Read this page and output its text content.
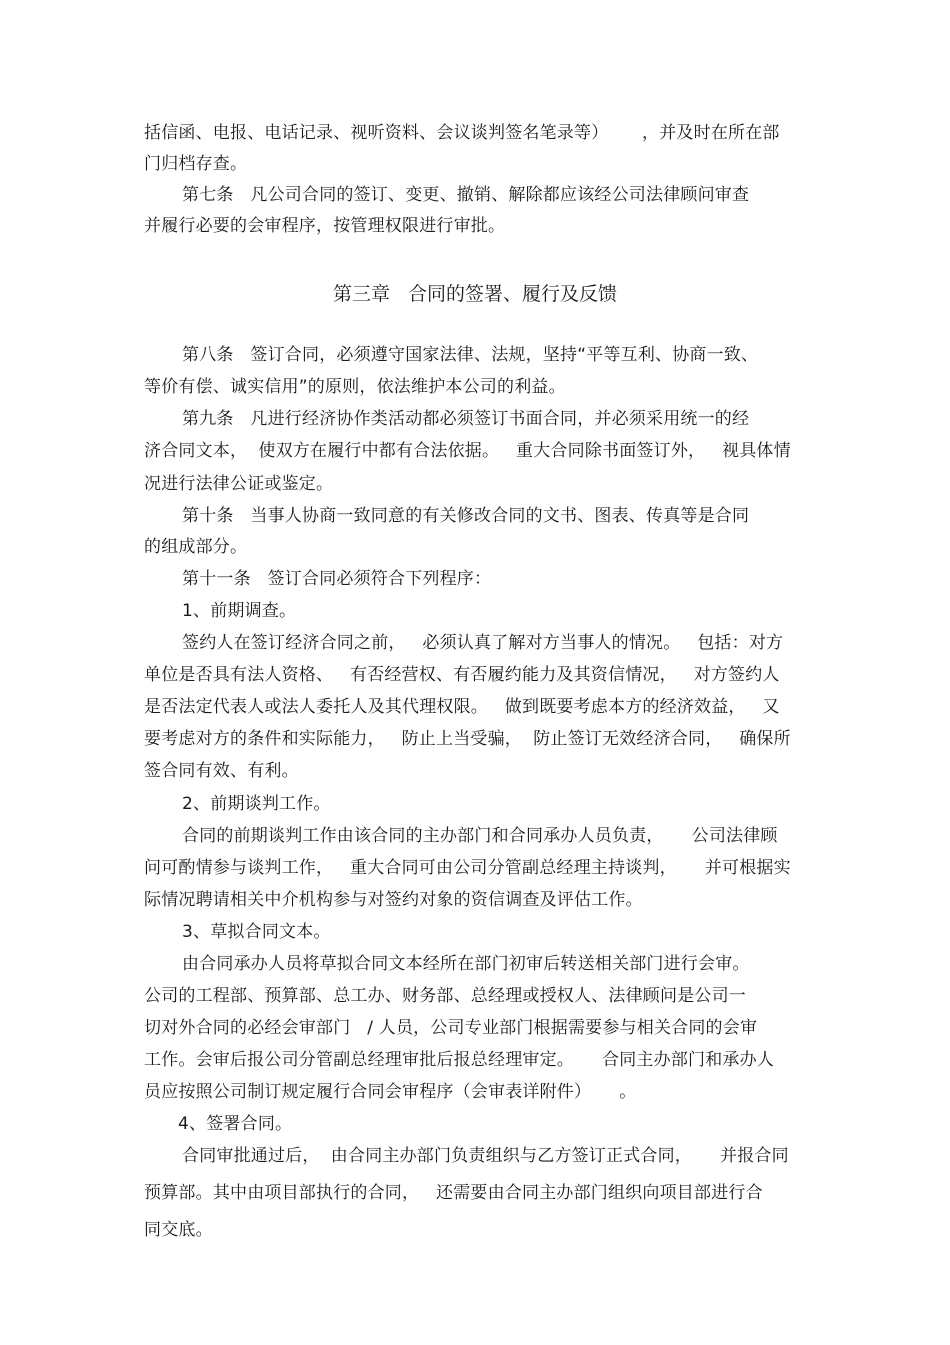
括信函、电报、电话记录、视听资料、会议谈判签名笔录等）      ，并及时在所在部
门归档存查。
第七条   凡公司合同的签订、变更、撤销、解除都应该经公司法律顾问审查
并履行必要的会审程序，按管理权限进行审批。
第三章   合同的签署、履行及反馈
第八条   签订合同，必须遵守国家法律、法规，坚持“平等互利、协商一致、
等价有偿、诚实信用”的原则，依法维护本公司的利益。
第九条   凡进行经济协作类活动都必须签订书面合同，并必须采用统一的经
济合同文本，  使双方在履行中都有合法依据。   重大合同除书面签订外，   视具体情
况进行法律公证或鉴定。
第十条   当事人协商一致同意的有关修改合同的文书、图表、传真等是合同
的组成部分。
第十一条   签订合同必须符合下列程序：
1、前期调查。
签约人在签订经济合同之前，   必须认真了解对方当事人的情况。   包括：对方
单位是否具有法人资格、   有否经营权、有否履约能力及其资信情况，   对方签约人
是否法定代表人或法人委托人及其代理权限。   做到既要考虑本方的经济效益，   又
要考虑对方的条件和实际能力，   防止上当受骗，  防止签订无效经济合同，   确保所
签合同有效、有利。
2、前期谈判工作。
合同的前期谈判工作由该合同的主办部门和合同承办人员负责，     公司法律顾
问可酌情参与谈判工作，   重大合同可由公司分管副总经理主持谈判，     并可根据实
际情况聘请相关中介机构参与对签约对象的资信调查及评估工作。
3、草拟合同文本。
由合同承办人员将草拟合同文本经所在部门初审后转送相关部门进行会审。
公司的工程部、预算部、总工办、财务部、总经理或授权人、法律顾问是公司一
切对外合同的必经会审部门   / 人员，公司专业部门根据需要参与相关合同的会审
工作。会审后报公司分管副总经理审批后报总经理审定。     合同主办部门和承办人
员应按照公司制订规定履行合同会审程序（会审表详附件）     。
4、签署合同。
合同审批通过后，  由合同主办部门负责组织与乙方签订正式合同，     并报合同
预算部。其中由项目部执行的合同，   还需要由合同主办部门组织向项目部进行合
同交底。
